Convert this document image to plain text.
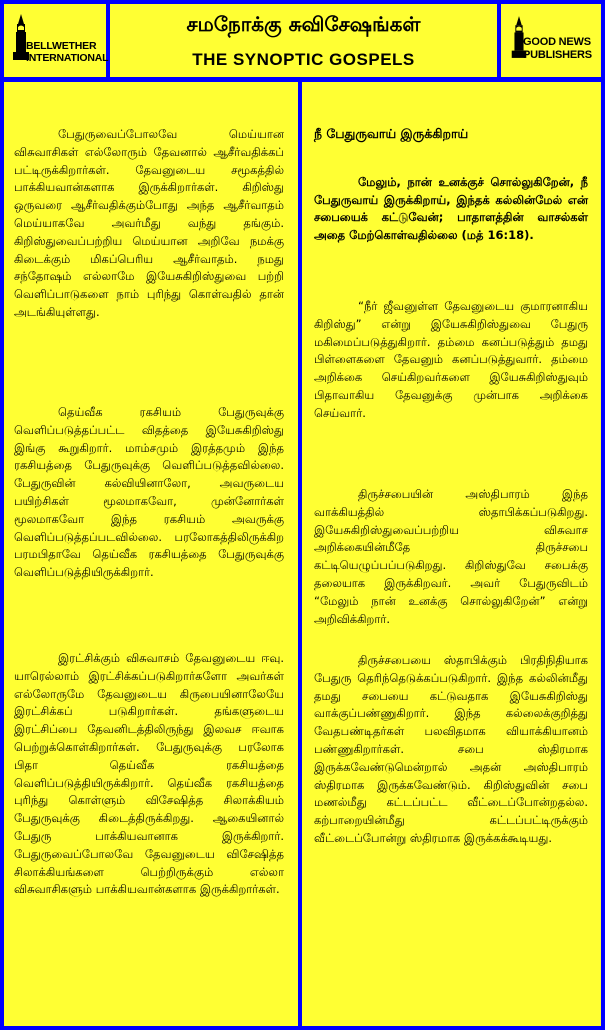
BELLWETHER
INTERNATIONAL
சமநோக்கு சுவிசேஷங்கள்
THE SYNOPTIC GOSPELS
GOOD NEWS
PUBLISHERS

பேதுருவைப்போலவே மெய்யான விசுவாசிகள் எல்லோரும் தேவனால் ஆசீர்வதிக்கப் பட்டிருக்கிறார்கள். தேவனுடைய சமூகத்தில் பாக்கியவான்களாக இருக்கிறார்கள். கிறிஸ்து ஒருவரை ஆசீர்வதிக்கும்போது அந்த ஆசீர்வாதம் மெய்யாகவே அவர்மீது வந்து தங்கும். கிறிஸ்துவைப்பற்றிய மெய்யான அறிவே நமக்கு கிடைக்கும் மிகப்பெரிய ஆசீர்வாதம். நமது சந்தோஷம் எல்லாமே இயேசுகிறிஸ்துவை பற்றி வெளிப்பாடுகளை நாம் புரிந்து கொள்வதில் தான் அடங்கியுள்ளது.

தெய்வீக ரகசியம் பேதுருவுக்கு வெளிப்படுத்தப்பட்ட விதத்தை இயேசுகிறிஸ்து இங்கு கூறுகிறார். மாம்சமும் இரத்தமும் இந்த ரகசியத்தை பேதுருவுக்கு வெளிப்படுத்தவில்லை. பேதுருவின் கல்வியினாலோ, அவருடைய பயிற்சிகள் மூலமாகவோ, முன்னோர்கள் மூலமாகவோ இந்த ரகசியம் அவருக்கு வெளிப்படுத்தப்படவில்லை. பரலோகத்திலிருக்கிற பரமபிதாவே தெய்வீக ரகசியத்தை பேதுருவுக்கு வெளிப்படுத்தியிருக்கிறார்.

இரட்சிக்கும் விசுவாசம் தேவனுடைய ஈவு. யாரெல்லாம் இரட்சிக்கப்படுகிறார்களோ அவர்கள் எல்லோருமே தேவனுடைய கிருபையினாலேயே இரட்சிக்கப் படுகிறார்கள். தங்களுடைய இரட்சிப்பை தேவனிடத்திலிருந்து இலவச ஈவாக பெற்றுக்கொள்கிறார்கள். பேதுருவுக்கு பரலோக பிதா தெய்வீக ரகசியத்தை வெளிப்படுத்தியிருக்கிறார். தெய்வீக ரகசியத்தை புரிந்து கொள்ளும் விசேஷித்த சிலாக்கியம் பேதுருவுக்கு கிடைத்திருக்கிறது. ஆகையினால் பேதுரு பாக்கியவானாக இருக்கிறார். பேதுருவைப்போலவே தேவனுடைய விசேஷித்த சிலாக்கியங்களை பெற்றிருக்கும் எல்லா விசுவாசிகளும் பாக்கியவான்களாக இருக்கிறார்கள்.

நீ பேதுருவாய் இருக்கிறாய்

மேலும், நான் உனக்குச் சொல்லுகிறேன், நீ பேதுருவாய் இருக்கிறாய், இந்தக் கல்லின்மேல் என் சபையைக் கட்டுவேன்; பாதாளத்தின் வாசல்கள் அதை மேற்கொள்வதில்லை (மத் 16:18).

“நீர் ஜீவனுள்ள தேவனுடைய குமாரனாகிய கிறிஸ்து” என்று இயேசுகிறிஸ்துவை பேதுரு மகிமைப்படுத்துகிறார். தம்மை கனப்படுத்தும் தமது பிள்ளைகளை தேவனும் கனப்படுத்துவார். தம்மை அறிக்கை செய்கிறவர்களை இயேசுகிறிஸ்துவும் பிதாவாகிய தேவனுக்கு முன்பாக அறிக்கை செய்வார்.

திருச்சபையின் அஸ்திபாரம் இந்த வாக்கியத்தில் ஸ்தாபிக்கப்படுகிறது. இயேசுகிறிஸ்துவைப்பற்றிய விசுவாச அறிக்கையின்மீதே திருச்சபை கட்டியெழுப்பப்படுகிறது. கிறிஸ்துவே சபைக்கு தலையாக இருக்கிறவர். அவர் பேதுருவிடம் “மேலும் நான் உனக்கு சொல்லுகிறேன்” என்று அறிவிக்கிறார்.

திருச்சபையை ஸ்தாபிக்கும் பிரதிநிதியாக பேதுரு தெரிந்தெடுக்கப்படுகிறார். இந்த கல்லின்மீது தமது சபையை கட்டுவதாக இயேசுகிறிஸ்து வாக்குப்பண்ணுகிறார். இந்த கல்லைக்குறித்து வேதபண்டிதர்கள் பலவிதமாக வியாக்கியானம் பண்ணுகிறார்கள். சபை ஸ்திரமாக இருக்கவேண்டுமென்றால் அதன் அஸ்திபாரம் ஸ்திரமாக இருக்கவேண்டும். கிறிஸ்துவின் சபை மணல்மீது கட்டப்பட்ட வீட்டைப்போன்றதல்ல. கற்பாறையின்மீது கட்டப்பட்டிருக்கும் வீட்டைப்போன்று ஸ்திரமாக இருக்கக்கூடியது.
